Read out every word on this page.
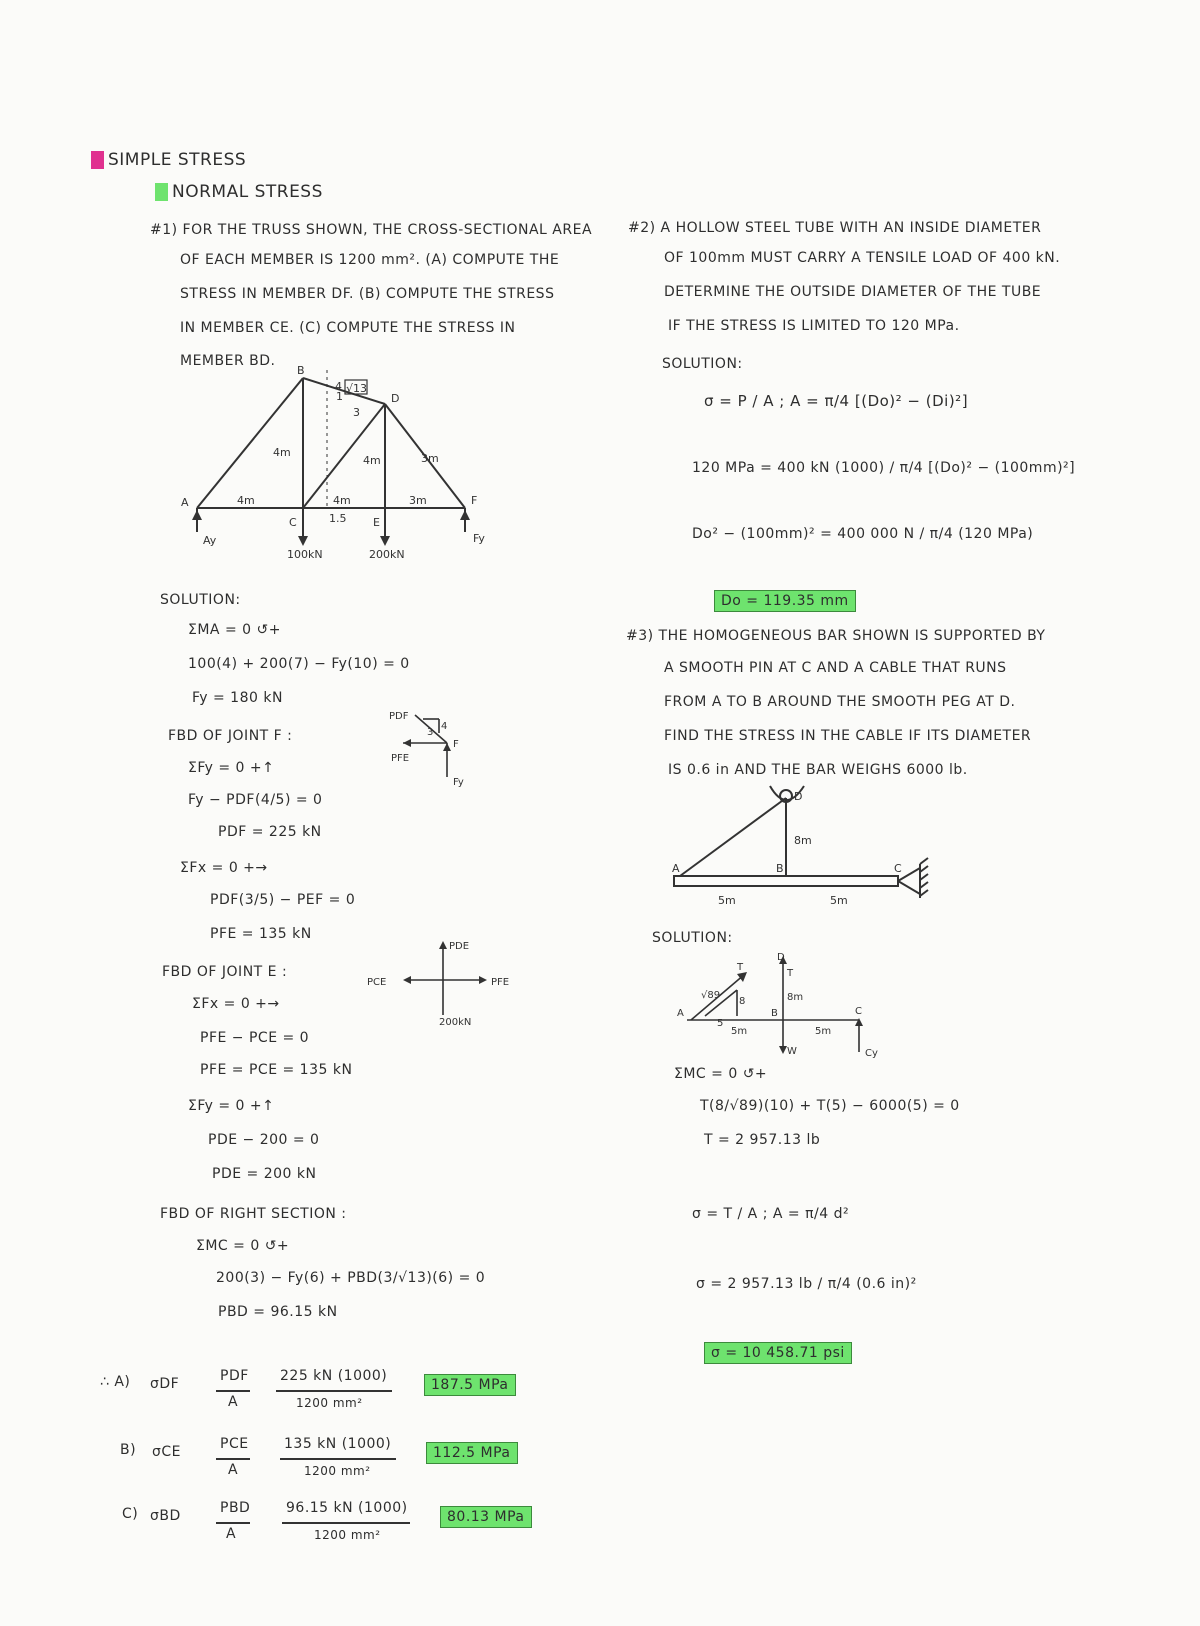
SIMPLE STRESS
NORMAL STRESS
#1) FOR THE TRUSS SHOWN, THE CROSS-SECTIONAL AREA
OF EACH MEMBER IS 1200 mm². (A) COMPUTE THE
STRESS IN MEMBER DF. (B) COMPUTE THE STRESS
IN MEMBER CE. (C) COMPUTE THE STRESS IN
MEMBER BD.
A
B
C
D
E
F
4m
4m	3m
4m
4m
3m
1
3
4
1.5
√13
100kN	200kN
Ay	Fy
SOLUTION:
ΣMA = 0 ↺+
100(4) + 200(7) − Fy(10) = 0
Fy = 180 kN
FBD OF JOINT F :
ΣFy = 0 +↑
Fy − PDF(4/5) = 0
PDF = 225 kN
ΣFx = 0 +→
PDF(3/5) − PEF = 0
PFE = 135 kN
FBD OF JOINT E :
ΣFx = 0 +→
PFE − PCE = 0
PFE = PCE = 135 kN
ΣFy = 0 +↑
PDE − 200 = 0
PDE = 200 kN
FBD OF RIGHT SECTION :
ΣMC = 0 ↺+
200(3) − Fy(6) + PBD(3/√13)(6) = 0
PBD = 96.15 kN
PDF
F
PFE
Fy
4
3
PDE
PCE	PFE
200kN
∴ A) σDF	PDF
A
225 kN (1000)
1200 mm²
187.5 MPa
B) σCE	PCE
A
135 kN (1000)
1200 mm²
112.5 MPa
C) σBD	PBD
A
96.15 kN (1000)
1200 mm²
80.13 MPa
#2) A HOLLOW STEEL TUBE WITH AN INSIDE DIAMETER
OF 100mm MUST CARRY A TENSILE LOAD OF 400 kN.
DETERMINE THE OUTSIDE DIAMETER OF THE TUBE
IF THE STRESS IS LIMITED TO 120 MPa.
SOLUTION:
σ = P / A ; A = π/4 [(Do)² − (Di)²]
120 MPa = 400 kN (1000) / π/4 [(Do)² − (100mm)²]
Do² − (100mm)² = 400 000 N / π/4 (120 MPa)
Do = 119.35 mm
#3) THE HOMOGENEOUS BAR SHOWN IS SUPPORTED BY
A SMOOTH PIN AT C AND A CABLE THAT RUNS
FROM A TO B AROUND THE SMOOTH PEG AT D.
FIND THE STRESS IN THE CABLE IF ITS DIAMETER
IS 0.6 in AND THE BAR WEIGHS 6000 lb.
D
A	B	C
8m
5m	5m
SOLUTION:
T
T
D
A	B	C
√89
8
5
5m	5m
8m
W	Cy
ΣMC = 0 ↺+
T(8/√89)(10) + T(5) − 6000(5) = 0
T = 2 957.13 lb
σ = T / A ; A = π/4 d²
σ = 2 957.13 lb / π/4 (0.6 in)²
σ = 10 458.71 psi
